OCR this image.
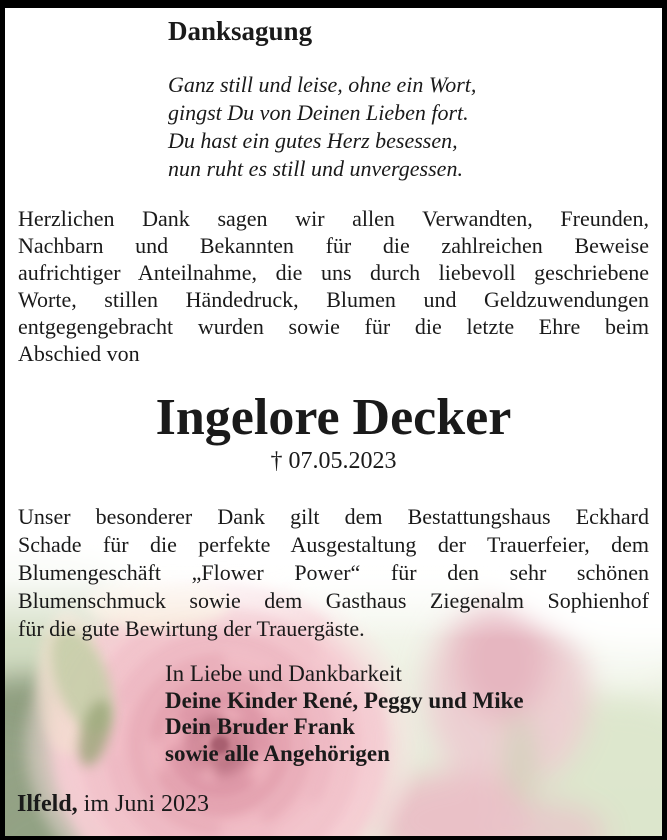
Danksagung
Ganz still und leise, ohne ein Wort,
gingst Du von Deinen Lieben fort.
Du hast ein gutes Herz besessen,
nun ruht es still und unvergessen.
Herzlichen Dank sagen wir allen Verwandten, Freunden,
Nachbarn und Bekannten für die zahlreichen Beweise
aufrichtiger Anteilnahme, die uns durch liebevoll geschriebene
Worte, stillen Händedruck, Blumen und Geldzuwendungen
entgegengebracht wurden sowie für die letzte Ehre beim
Abschied von
Ingelore Decker
† 07.05.2023
Unser besonderer Dank gilt dem Bestattungshaus Eckhard
Schade für die perfekte Ausgestaltung der Trauerfeier, dem
Blumengeschäft „Flower Power“ für den sehr schönen
Blumenschmuck sowie dem Gasthaus Ziegenalm Sophienhof
für die gute Bewirtung der Trauergäste.
In Liebe und Dankbarkeit
Deine Kinder René, Peggy und Mike
Dein Bruder Frank
sowie alle Angehörigen
Ilfeld, im Juni 2023
